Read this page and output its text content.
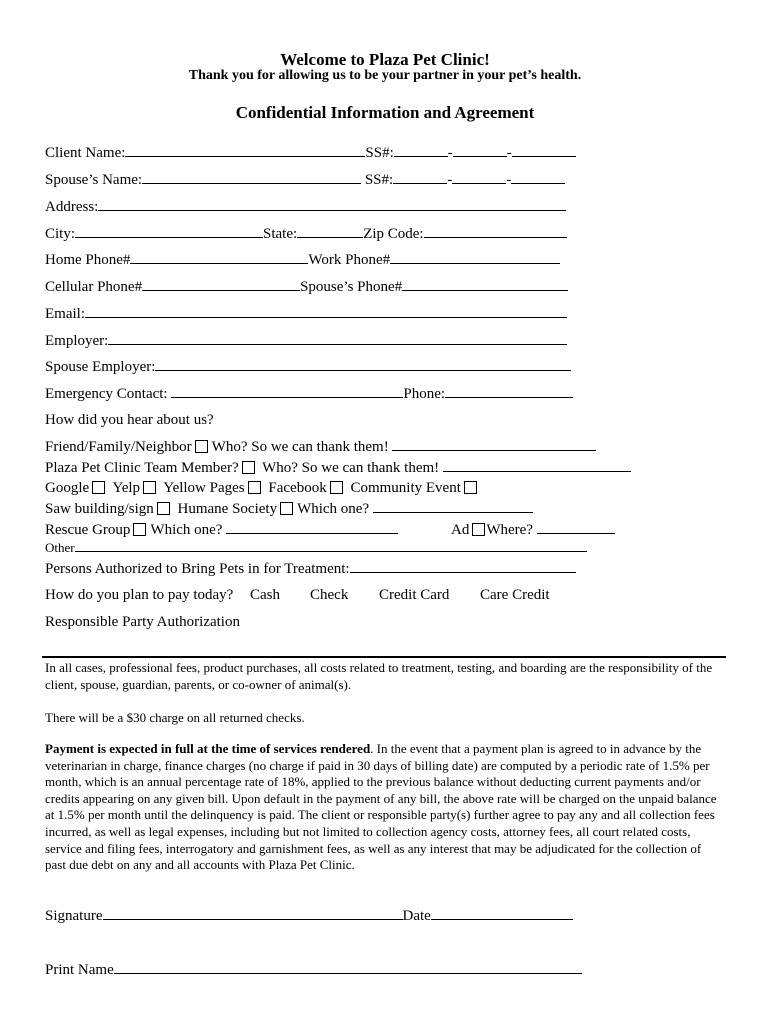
Welcome to Plaza Pet Clinic!
Thank you for allowing us to be your partner in your pet’s health.
Confidential Information and Agreement
Client Name:	SS#:	-	-
Spouse’s Name:	SS#:	-	-
Address:
City:	State:	Zip Code:
Home Phone#	Work Phone#
Cellular Phone#	Spouse’s Phone#
Email:
Employer:
Spouse Employer:
Emergency Contact:	Phone:
How did you hear about us?
Friend/Family/Neighbor Who? So we can thank them!
Plaza Pet Clinic Team Member? Who? So we can thank them!
Google Yelp Yellow Pages Facebook Community Event
Saw building/sign Humane Society Which one?
Rescue Group Which one?	Ad Where?
Other
Persons Authorized to Bring Pets in for Treatment:
How do you plan to pay today? Cash Check Credit Card Care Credit
Responsible Party Authorization
In all cases, professional fees, product purchases, all costs related to treatment, testing, and boarding are the responsibility of the client, spouse, guardian, parents, or co-owner of animal(s).
There will be a $30 charge on all returned checks.
Payment is expected in full at the time of services rendered. In the event that a payment plan is agreed to in advance by the veterinarian in charge, finance charges (no charge if paid in 30 days of billing date) are computed by a periodic rate of 1.5% per month, which is an annual percentage rate of 18%, applied to the previous balance without deducting current payments and/or credits appearing on any given bill. Upon default in the payment of any bill, the above rate will be charged on the unpaid balance at 1.5% per month until the delinquency is paid. The client or responsible party(s) further agree to pay any and all collection fees incurred, as well as legal expenses, including but not limited to collection agency costs, attorney fees, all court related costs, service and filing fees, interrogatory and garnishment fees, as well as any interest that may be adjudicated for the collection of past due debt on any and all accounts with Plaza Pet Clinic.
Signature	Date
Print Name
